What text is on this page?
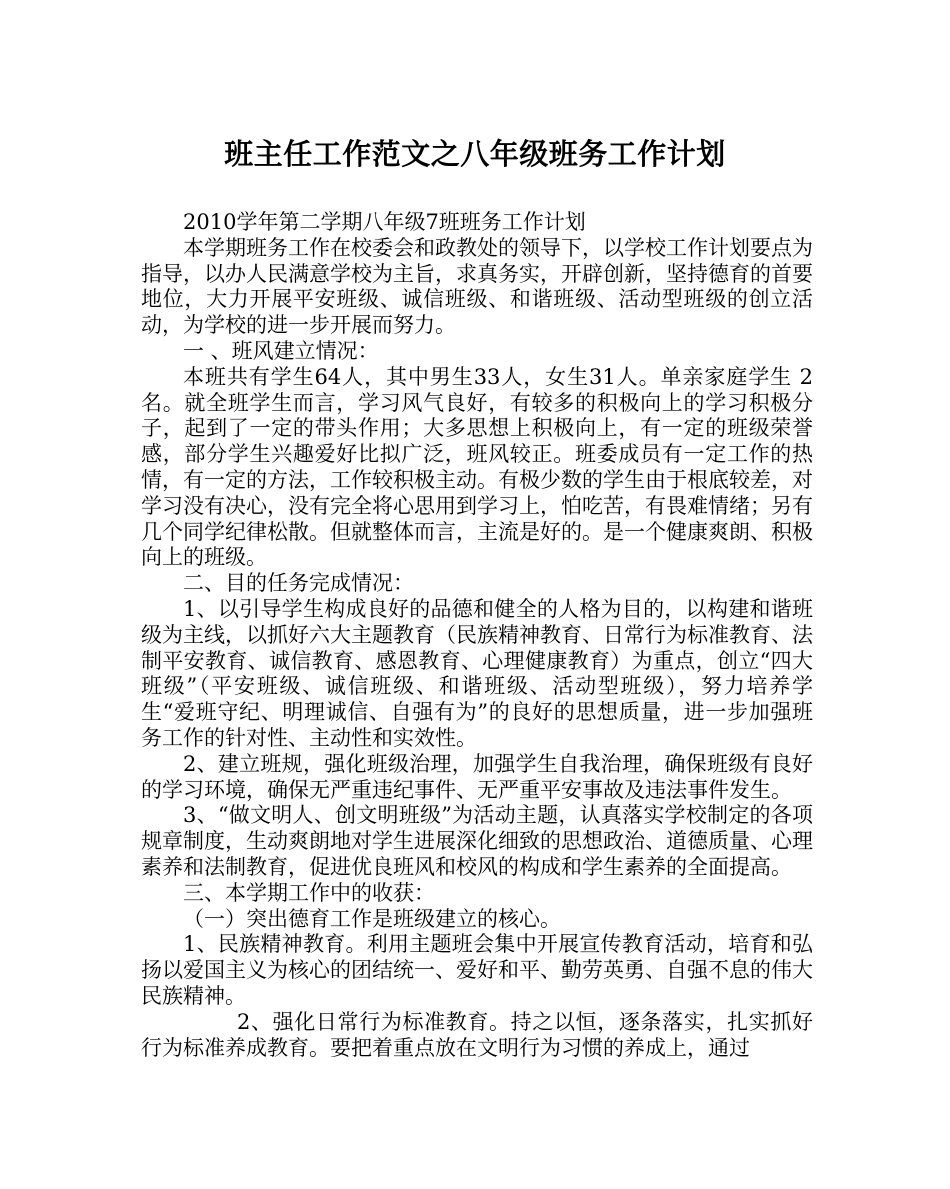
班主任工作范文之八年级班务工作计划

2010学年第二学期八年级7班班务工作计划

本学期班务工作在校委会和政教处的领导下，以学校工作计划要点为指导，以办人民满意学校为主旨，求真务实，开辟创新，坚持德育的首要地位，大力开展平安班级、诚信班级、和谐班级、活动型班级的创立活动，为学校的进一步开展而努力。

一 、班风建立情况：

本班共有学生64人，其中男生33人，女生31人。单亲家庭学生 2名。就全班学生而言，学习风气良好，有较多的积极向上的学习积极分子，起到了一定的带头作用；大多思想上积极向上，有一定的班级荣誉感，部分学生兴趣爱好比拟广泛，班风较正。班委成员有一定工作的热情，有一定的方法，工作较积极主动。有极少数的学生由于根底较差，对学习没有决心，没有完全将心思用到学习上，怕吃苦，有畏难情绪；另有几个同学纪律松散。但就整体而言，主流是好的。是一个健康爽朗、积极向上的班级。

二、目的任务完成情况：

1、以引导学生构成良好的品德和健全的人格为目的，以构建和谐班级为主线，以抓好六大主题教育（民族精神教育、日常行为标准教育、法制平安教育、诚信教育、感恩教育、心理健康教育）为重点，创立“四大班级”（平安班级、诚信班级、和谐班级、活动型班级），努力培养学生“爱班守纪、明理诚信、自强有为”的良好的思想质量，进一步加强班务工作的针对性、主动性和实效性。

2、建立班规，强化班级治理，加强学生自我治理，确保班级有良好的学习环境，确保无严重违纪事件、无严重平安事故及违法事件发生。

3、“做文明人、创文明班级”为活动主题，认真落实学校制定的各项规章制度，生动爽朗地对学生进展深化细致的思想政治、道德质量、心理素养和法制教育，促进优良班风和校风的构成和学生素养的全面提高。

三、本学期工作中的收获：

（一）突出德育工作是班级建立的核心。

1、民族精神教育。利用主题班会集中开展宣传教育活动，培育和弘扬以爱国主义为核心的团结统一、爱好和平、勤劳英勇、自强不息的伟大民族精神。

2、强化日常行为标准教育。持之以恒，逐条落实，扎实抓好行为标准养成教育。要把着重点放在文明行为习惯的养成上，通过
